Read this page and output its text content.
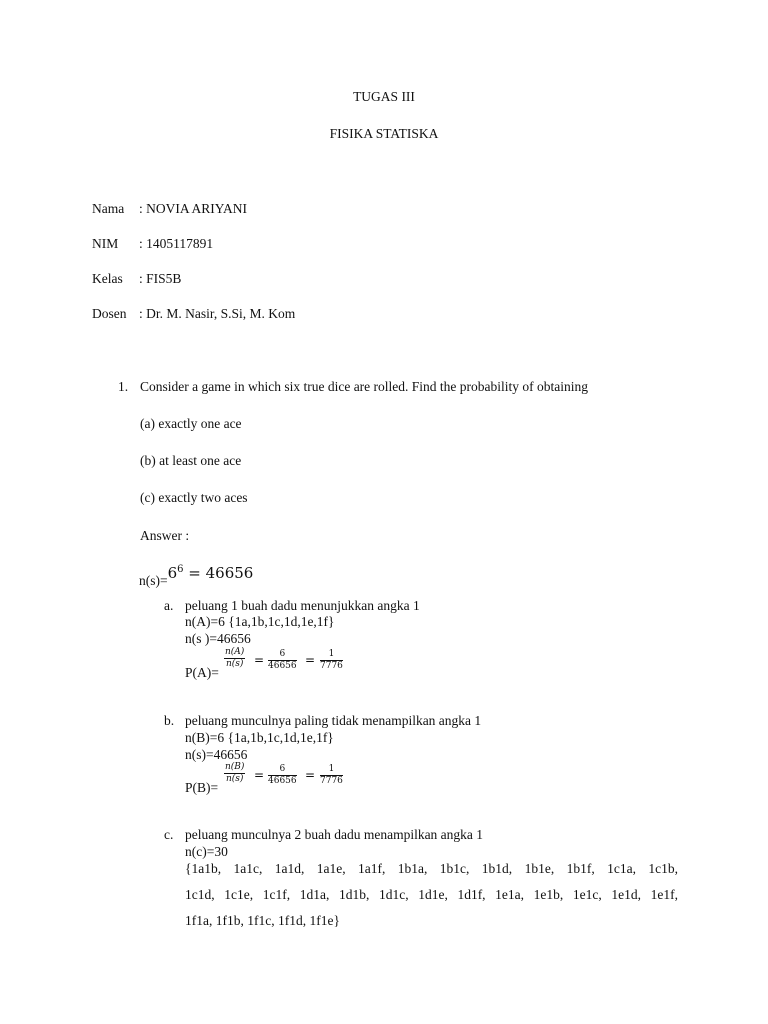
TUGAS III
FISIKA STATISKA
Nama : NOVIA ARIYANI
NIM : 1405117891
Kelas : FIS5B
Dosen : Dr. M. Nasir, S.Si, M. Kom
1. Consider a game in which six true dice are rolled. Find the probability of obtaining
(a) exactly one ace
(b) at least one ace
(c) exactly two aces
Answer :
$n(s)=6^6 = 46656$
a. peluang 1 buah dadu menunjukkan angka 1
n(A)=6 {1a,1b,1c,1d,1e,1f}
n(s )=46656
P(A)=
$\frac{n(A)}{n(s)} = \frac{6}{46656} = \frac{1}{7776}$
b. peluang munculnya paling tidak menampilkan angka 1
n(B)=6 {1a,1b,1c,1d,1e,1f}
n(s)=46656
P(B)=
$\frac{n(B)}{n(s)} = \frac{6}{46656} = \frac{1}{7776}$
c. peluang munculnya 2 buah dadu menampilkan angka 1
n(c)=30
{1a1b, 1a1c, 1a1d, 1a1e, 1a1f, 1b1a, 1b1c, 1b1d, 1b1e, 1b1f, 1c1a, 1c1b,
1c1d, 1c1e, 1c1f, 1d1a, 1d1b, 1d1c, 1d1e, 1d1f, 1e1a, 1e1b, 1e1c, 1e1d, 1e1f,
1f1a, 1f1b, 1f1c, 1f1d, 1f1e}
